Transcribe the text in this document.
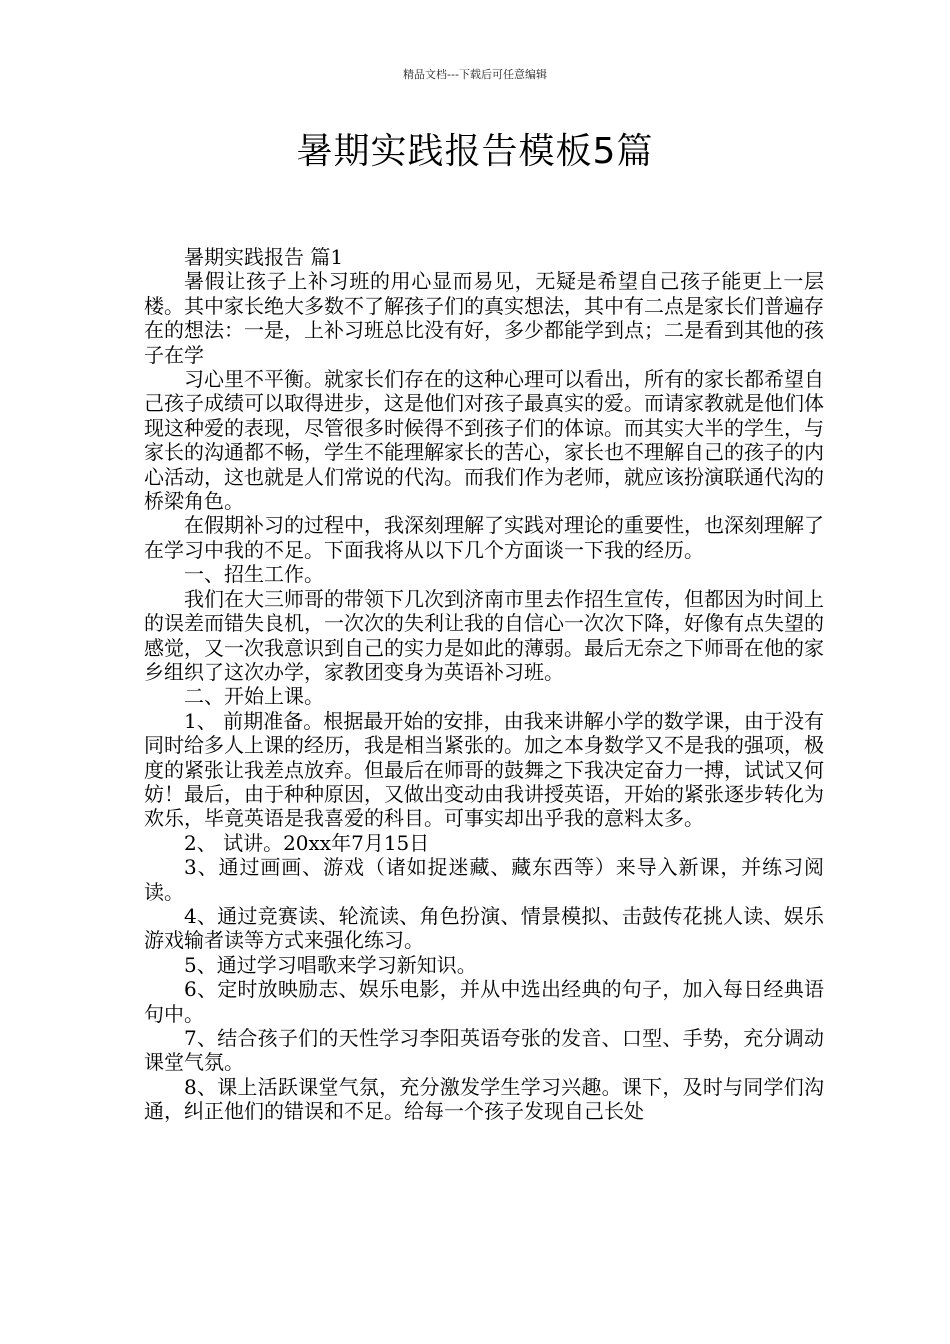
精品文档---下载后可任意编辑
暑期实践报告模板5篇

暑期实践报告 篇1

暑假让孩子上补习班的用心显而易见，无疑是希望自己孩子能更上一层楼。其中家长绝大多数不了解孩子们的真实想法，其中有二点是家长们普遍存在的想法：一是，上补习班总比没有好，多少都能学到点；二是看到其他的孩子在学

习心里不平衡。就家长们存在的这种心理可以看出，所有的家长都希望自己孩子成绩可以取得进步，这是他们对孩子最真实的爱。而请家教就是他们体现这种爱的表现，尽管很多时候得不到孩子们的体谅。而其实大半的学生，与家长的沟通都不畅，学生不能理解家长的苦心，家长也不理解自己的孩子的内心活动，这也就是人们常说的代沟。而我们作为老师，就应该扮演联通代沟的桥梁角色。

在假期补习的过程中，我深刻理解了实践对理论的重要性，也深刻理解了在学习中我的不足。下面我将从以下几个方面谈一下我的经历。

一、招生工作。

我们在大三师哥的带领下几次到济南市里去作招生宣传，但都因为时间上的误差而错失良机，一次次的失利让我的自信心一次次下降，好像有点失望的感觉，又一次我意识到自己的实力是如此的薄弱。最后无奈之下师哥在他的家乡组织了这次办学，家教团变身为英语补习班。

二、开始上课。

1、 前期准备。根据最开始的安排，由我来讲解小学的数学课，由于没有同时给多人上课的经历，我是相当紧张的。加之本身数学又不是我的强项，极度的紧张让我差点放弃。但最后在师哥的鼓舞之下我决定奋力一搏，试试又何妨！最后，由于种种原因，又做出变动由我讲授英语，开始的紧张逐步转化为欢乐，毕竟英语是我喜爱的科目。可事实却出乎我的意料太多。

2、 试讲。20xx年7月15日

3、通过画画、游戏（诸如捉迷藏、藏东西等）来导入新课，并练习阅读。

4、通过竞赛读、轮流读、角色扮演、情景模拟、击鼓传花挑人读、娱乐游戏输者读等方式来强化练习。

5、通过学习唱歌来学习新知识。

6、定时放映励志、娱乐电影，并从中选出经典的句子，加入每日经典语句中。

7、结合孩子们的天性学习李阳英语夸张的发音、口型、手势，充分调动课堂气氛。

8、课上活跃课堂气氛，充分激发学生学习兴趣。课下，及时与同学们沟通，纠正他们的错误和不足。给每一个孩子发现自己长处
